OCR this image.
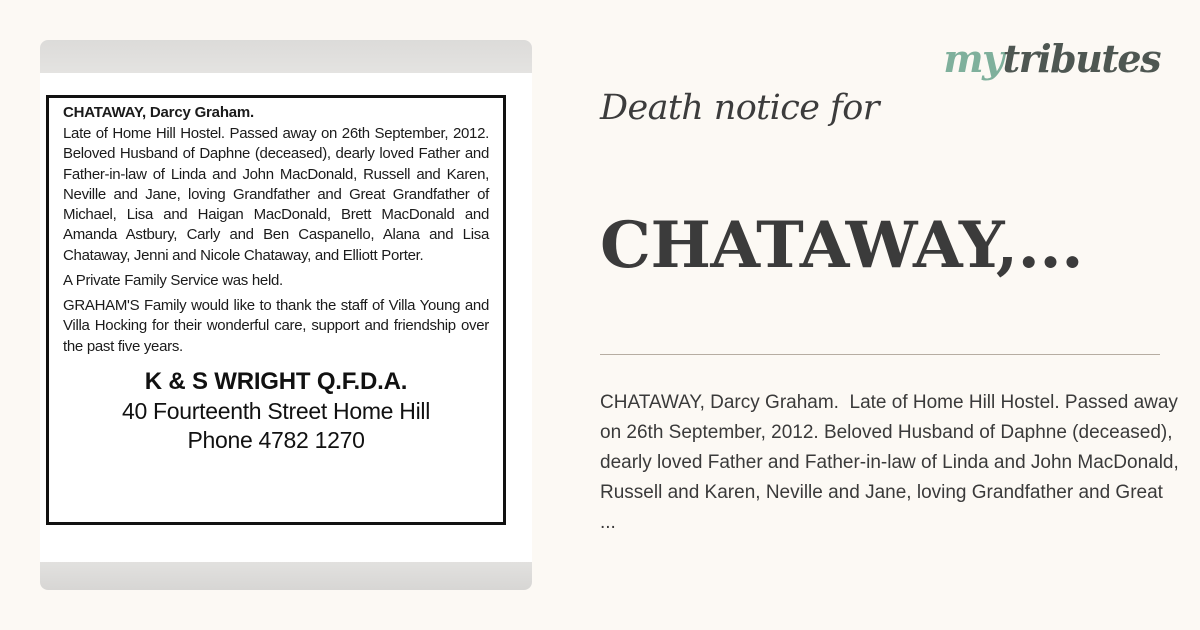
CHATAWAY, Darcy Graham.

Late of Home Hill Hostel. Passed away on 26th September, 2012. Beloved Husband of Daphne (deceased), dearly loved Father and Father-in-law of Linda and John MacDonald, Russell and Karen, Neville and Jane, loving Grandfather and Great Grandfather of Michael, Lisa and Haigan MacDonald, Brett MacDonald and Amanda Astbury, Carly and Ben Caspanello, Alana and Lisa Chataway, Jenni and Nicole Chataway, and Elliott Porter.

A Private Family Service was held.

GRAHAM'S Family would like to thank the staff of Villa Young and Villa Hocking for their wonderful care, support and friendship over the past five years.

K & S WRIGHT Q.F.D.A.
40 Fourteenth Street Home Hill
Phone 4782 1270
mytributes
Death notice for
CHATAWAY,...

CHATAWAY, Darcy Graham.  Late of Home Hill Hostel. Passed away on 26th September, 2012. Beloved Husband of Daphne (deceased), dearly loved Father and Father-in-law of Linda and John MacDonald, Russell and Karen, Neville and Jane, loving Grandfather and Great

...
